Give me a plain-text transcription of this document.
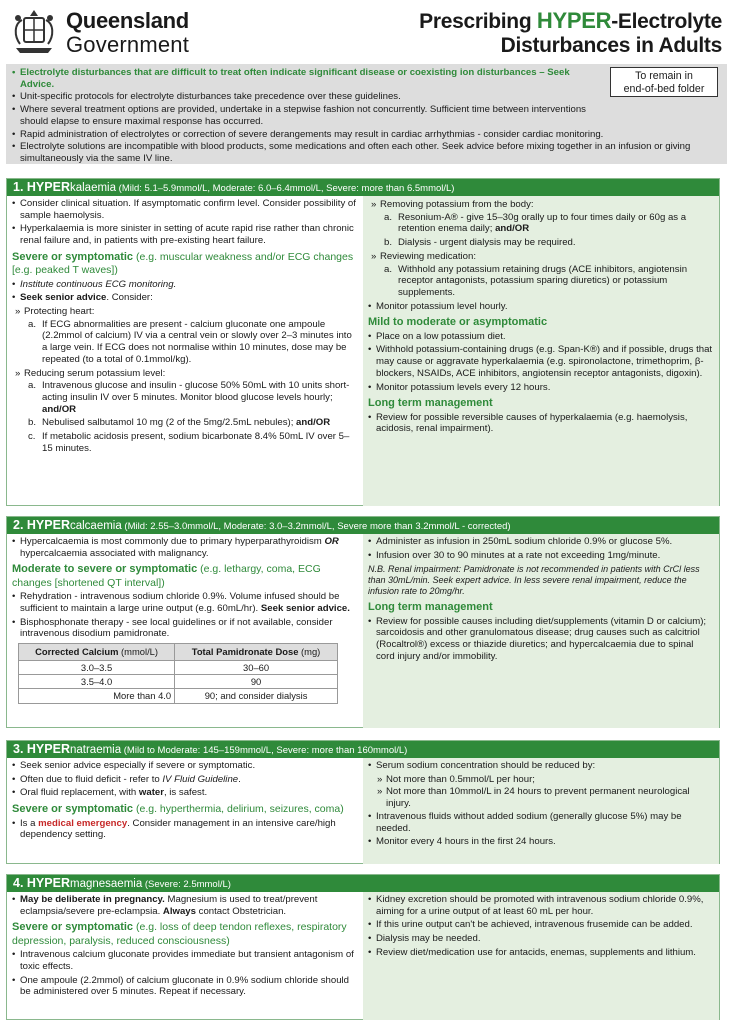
Queensland
Government
Prescribing HYPER-Electrolyte
Disturbances in Adults
To remain in
end-of-bed folder
• Electrolyte disturbances that are difficult to treat often indicate significant disease or coexisting ion disturbances – Seek Advice.
• Unit-specific protocols for electrolyte disturbances take precedence over these guidelines.
• Where several treatment options are provided, undertake in a stepwise fashion not concurrently. Sufficient time between interventions should elapse to ensure maximal response has occurred.
• Rapid administration of electrolytes or correction of severe derangements may result in cardiac arrhythmias - consider cardiac monitoring.
• Electrolyte solutions are incompatible with blood products, some medications and often each other. Seek advice before mixing together in an infusion or giving simultaneously via the same IV line.
1. HYPERkalaemia (Mild: 5.1–5.9mmol/L, Moderate: 6.0–6.4mmol/L, Severe: more than 6.5mmol/L)
• Consider clinical situation. If asymptomatic confirm level. Consider possibility of sample haemolysis.
• Hyperkalaemia is more sinister in setting of acute rapid rise rather than chronic renal failure and, in patients with pre-existing heart failure.
Severe or symptomatic (e.g. muscular weakness and/or ECG changes [e.g. peaked T waves])
• Institute continuous ECG monitoring.
• Seek senior advice. Consider:
» Protecting heart:
a. If ECG abnormalities are present - calcium gluconate one ampoule (2.2mmol of calcium) IV via a central vein or slowly over 2–3 minutes into a large vein. If ECG does not normalise within 10 minutes, dose may be repeated (to a total of 0.1mmol/kg).
» Reducing serum potassium level:
a. Intravenous glucose and insulin - glucose 50% 50mL with 10 units short-acting insulin IV over 5 minutes. Monitor blood glucose levels hourly; and/OR
b. Nebulised salbutamol 10 mg (2 of the 5mg/2.5mL nebules); and/OR
c. If metabolic acidosis present, sodium bicarbonate 8.4% 50mL IV over 5–15 minutes.
» Removing potassium from the body:
a. Resonium-A® - give 15–30g orally up to four times daily or 60g as a retention enema daily; and/OR
b. Dialysis - urgent dialysis may be required.
» Reviewing medication:
a. Withhold any potassium retaining drugs (ACE inhibitors, angiotensin receptor antagonists, potassium sparing diuretics) or potassium supplements.
• Monitor potassium level hourly.
Mild to moderate or asymptomatic
• Place on a low potassium diet.
• Withhold potassium-containing drugs (e.g. Span-K®) and if possible, drugs that may cause or aggravate hyperkalaemia (e.g. spironolactone, trimethoprim, β-blockers, NSAIDs, ACE inhibitors, angiotensin receptor antagonists, digoxin).
• Monitor potassium levels every 12 hours.
Long term management
• Review for possible reversible causes of hyperkalaemia (e.g. haemolysis, acidosis, renal impairment).
2. HYPERcalcaemia (Mild: 2.55–3.0mmol/L, Moderate: 3.0–3.2mmol/L, Severe more than 3.2mmol/L - corrected)
• Hypercalcaemia is most commonly due to primary hyperparathyroidism OR hypercalcaemia associated with malignancy.
Moderate to severe or symptomatic (e.g. lethargy, coma, ECG changes [shortened QT interval])
• Rehydration - intravenous sodium chloride 0.9%. Volume infused should be sufficient to maintain a large urine output (e.g. 60mL/hr). Seek senior advice.
• Bisphosphonate therapy - see local guidelines or if not available, consider intravenous disodium pamidronate.
Corrected Calcium (mmol/L)	Total Pamidronate Dose (mg)
3.0–3.5	30–60
3.5–4.0	90
More than 4.0	90; and consider dialysis
• Administer as infusion in 250mL sodium chloride 0.9% or glucose 5%.
• Infusion over 30 to 90 minutes at a rate not exceeding 1mg/minute.
N.B. Renal impairment: Pamidronate is not recommended in patients with CrCl less than 30mL/min. Seek expert advice. In less severe renal impairment, reduce the infusion rate to 20mg/hr.
Long term management
• Review for possible causes including diet/supplements (vitamin D or calcium); sarcoidosis and other granulomatous disease; drug causes such as calcitriol (Rocaltrol®) excess or thiazide diuretics; and hypercalcaemia due to spinal cord injury and/or immobility.
3. HYPERnatraemia (Mild to Moderate: 145–159mmol/L, Severe: more than 160mmol/L)
• Seek senior advice especially if severe or symptomatic.
• Often due to fluid deficit - refer to IV Fluid Guideline.
• Oral fluid replacement, with water, is safest.
Severe or symptomatic (e.g. hyperthermia, delirium, seizures, coma)
• Is a medical emergency. Consider management in an intensive care/high dependency setting.
• Serum sodium concentration should be reduced by:
» Not more than 0.5mmol/L per hour;
» Not more than 10mmol/L in 24 hours to prevent permanent neurological injury.
• Intravenous fluids without added sodium (generally glucose 5%) may be needed.
• Monitor every 4 hours in the first 24 hours.
4. HYPERmagnesaemia (Severe: 2.5mmol/L)
• May be deliberate in pregnancy. Magnesium is used to treat/prevent eclampsia/severe pre-eclampsia. Always contact Obstetrician.
Severe or symptomatic (e.g. loss of deep tendon reflexes, respiratory depression, paralysis, reduced consciousness)
• Intravenous calcium gluconate provides immediate but transient antagonism of toxic effects.
• One ampoule (2.2mmol) of calcium gluconate in 0.9% sodium chloride should be administered over 5 minutes. Repeat if necessary.
• Kidney excretion should be promoted with intravenous sodium chloride 0.9%, aiming for a urine output of at least 60 mL per hour.
• If this urine output can't be achieved, intravenous frusemide can be added.
• Dialysis may be needed.
• Review diet/medication use for antacids, enemas, supplements and lithium.
